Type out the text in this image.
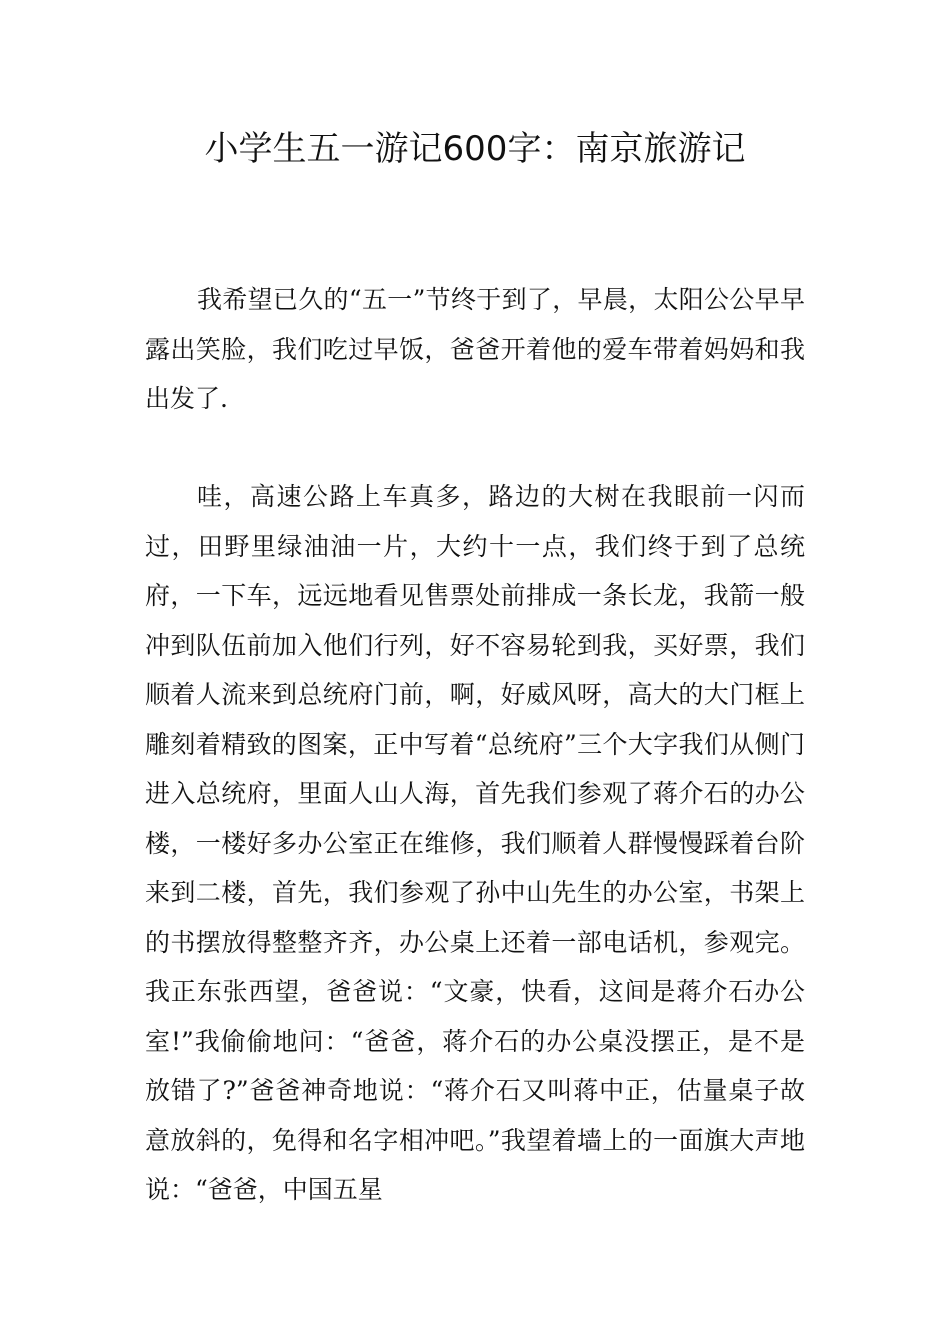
小学生五一游记600字：南京旅游记

我希望已久的“五一”节终于到了，早晨，太阳公公早早露出笑脸，我们吃过早饭，爸爸开着他的爱车带着妈妈和我出发了.

哇，高速公路上车真多，路边的大树在我眼前一闪而过，田野里绿油油一片，大约十一点，我们终于到了总统府，一下车，远远地看见售票处前排成一条长龙，我箭一般冲到队伍前加入他们行列，好不容易轮到我，买好票，我们顺着人流来到总统府门前，啊，好威风呀，高大的大门框上雕刻着精致的图案，正中写着“总统府”三个大字我们从侧门进入总统府，里面人山人海，首先我们参观了蒋介石的办公楼，一楼好多办公室正在维修，我们顺着人群慢慢踩着台阶来到二楼，首先，我们参观了孙中山先生的办公室，书架上的书摆放得整整齐齐，办公桌上还着一部电话机，参观完。我正东张西望，爸爸说：“文豪，快看，这间是蒋介石办公室!”我偷偷地问：“爸爸，蒋介石的办公桌没摆正，是不是放错了?”爸爸神奇地说：“蒋介石又叫蒋中正，估量桌子故意放斜的，免得和名字相冲吧。”我望着墙上的一面旗大声地说：“爸爸，中国五星
